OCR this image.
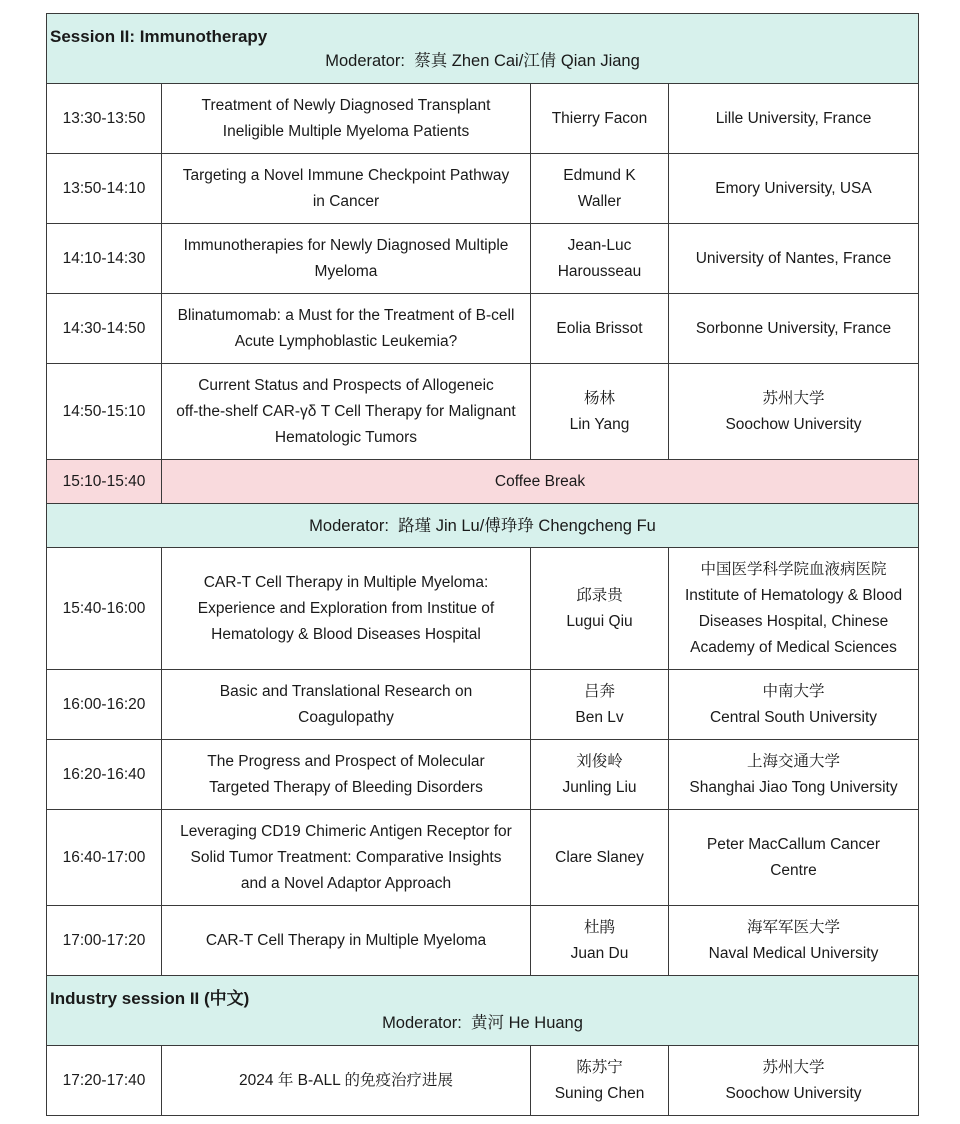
Session II: Immunotherapy
Moderator: 蔡真 Zhen Cai/江倩 Qian Jiang			

13:30-13:50	Treatment of Newly Diagnosed Transplant
Ineligible Multiple Myeloma Patients	Thierry Facon	Lille University, France

13:50-14:10	Targeting a Novel Immune Checkpoint Pathway
in Cancer	Edmund K
Waller	Emory University, USA

14:10-14:30	Immunotherapies for Newly Diagnosed Multiple
Myeloma	Jean-Luc
Harousseau	University of Nantes, France

14:30-14:50	Blinatumomab: a Must for the Treatment of B-cell
Acute Lymphoblastic Leukemia?	Eolia Brissot	Sorbonne University, France

14:50-15:10	Current Status and Prospects of Allogeneic
off-the-shelf CAR-γδ T Cell Therapy for Malignant
Hematologic Tumors	杨林
Lin Yang	苏州大学
Soochow University

15:10-15:40	Coffee Break		
Moderator: 路瑾 Jin Lu/傅琤琤 Chengcheng Fu			
15:40-16:00	CAR-T Cell Therapy in Multiple Myeloma:
Experience and Exploration from Institue of
Hematology & Blood Diseases Hospital	邱录贵
Lugui Qiu	中国医学科学院血液病医院
Institute of Hematology & Blood
Diseases Hospital, Chinese
Academy of Medical Sciences

16:00-16:20	Basic and Translational Research on
Coagulopathy	吕奔
Ben Lv	中南大学
Central South University

16:20-16:40	The Progress and Prospect of Molecular
Targeted Therapy of Bleeding Disorders	刘俊岭
Junling Liu	上海交通大学
Shanghai Jiao Tong University

16:40-17:00	Leveraging CD19 Chimeric Antigen Receptor for
Solid Tumor Treatment: Comparative Insights
and a Novel Adaptor Approach	Clare Slaney	Peter MacCallum Cancer
Centre

17:00-17:20	CAR-T Cell Therapy in Multiple Myeloma	杜鹃
Juan Du	海军军医大学
Naval Medical University

Industry session II (中文)
Moderator: 黄河 He Huang			

17:20-17:40	2024 年 B-ALL 的免疫治疗进展	陈苏宁
Suning Chen	苏州大学
Soochow University
